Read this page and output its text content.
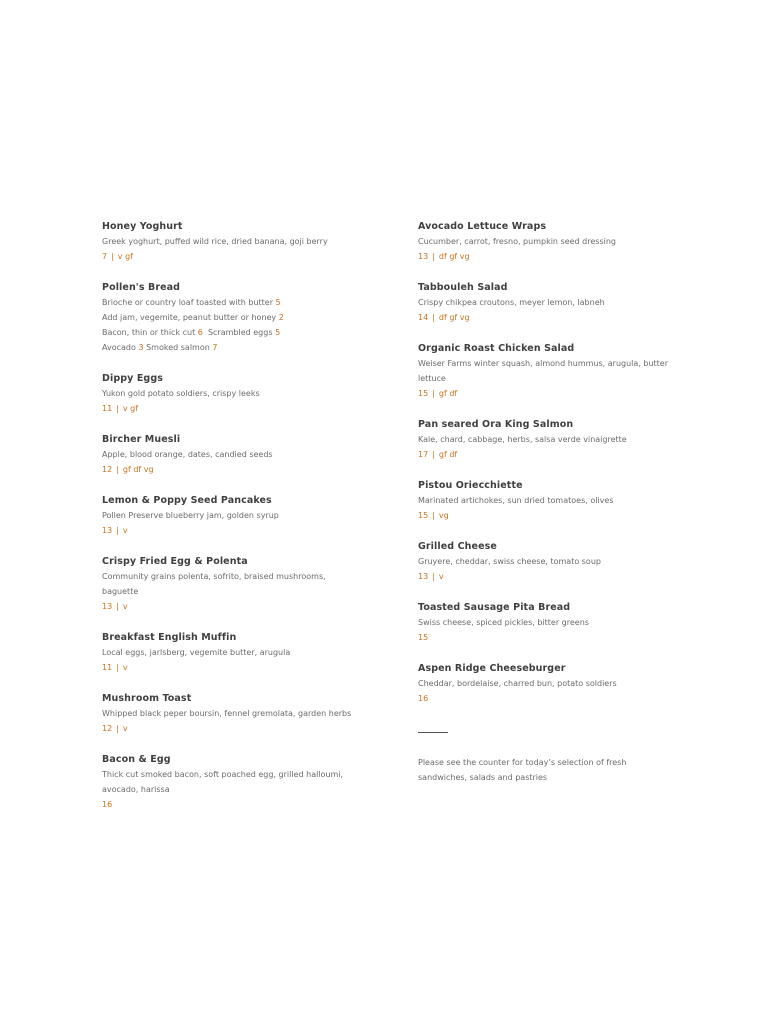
Honey Yoghurt

Greek yoghurt, puffed wild rice, dried banana, goji berry

7 | v gf

Pollen's Bread

Brioche or country loaf toasted with butter 5

Add jam, vegemite, peanut butter or honey 2

Bacon, thin or thick cut 6 Scrambled eggs 5

Avocado 3 Smoked salmon 7

Dippy Eggs

Yukon gold potato soldiers, crispy leeks

11 | v gf

Bircher Muesli

Apple, blood orange, dates, candied seeds

12 | gf df vg

Lemon & Poppy Seed Pancakes

Pollen Preserve blueberry jam, golden syrup

13 | v

Crispy Fried Egg & Polenta

Community grains polenta, sofrito, braised mushrooms, baguette

13 | v

Breakfast English Muffin

Local eggs, jarlsberg, vegemite butter, arugula

11 | v

Mushroom Toast

Whipped black peper boursin, fennel gremolata, garden herbs

12 | v

Bacon & Egg

Thick cut smoked bacon, soft poached egg, grilled halloumi, avocado, harissa

16

Avocado Lettuce Wraps

Cucumber, carrot, fresno, pumpkin seed dressing

13 | df gf vg

Tabbouleh Salad

Crispy chikpea croutons, meyer lemon, labneh

14 | df gf vg

Organic Roast Chicken Salad

Weiser Farms winter squash, almond hummus, arugula, butter lettuce

15 | gf df

Pan seared Ora King Salmon

Kale, chard, cabbage, herbs, salsa verde vinaigrette

17 | gf df

Pistou Oriecchiette

Marinated artichokes, sun dried tomatoes, olives

15 | vg

Grilled Cheese

Gruyere, cheddar, swiss cheese, tomato soup

13 | v

Toasted Sausage Pita Bread

Swiss cheese, spiced pickles, bitter greens

15

Aspen Ridge Cheeseburger

Cheddar, bordelaise, charred bun, potato soldiers

16

Please see the counter for today’s selection of fresh sandwiches, salads and pastries
